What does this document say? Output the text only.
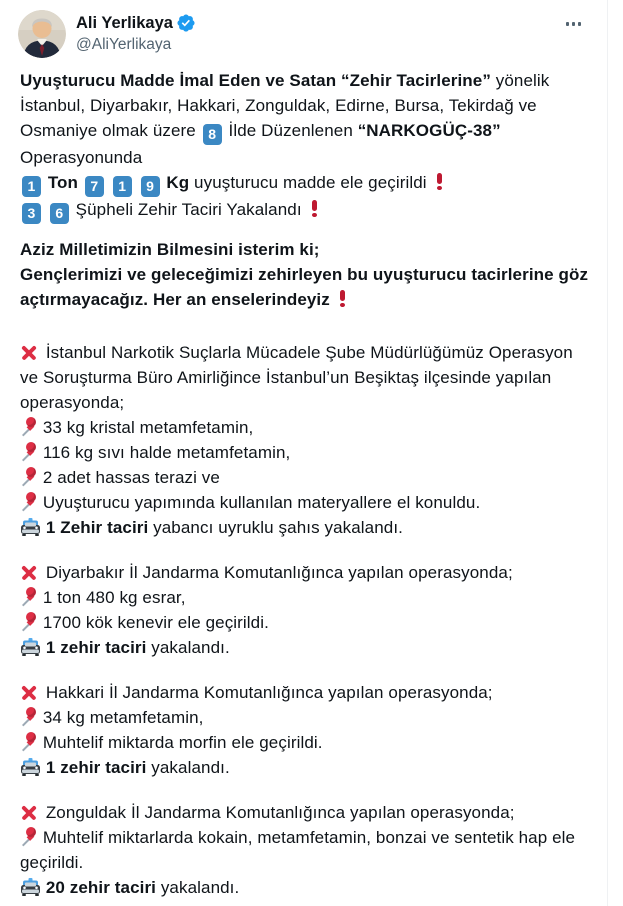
Ali Yerlikaya
@AliYerlikaya

Uyuşturucu Madde İmal Eden ve Satan “Zehir Tacirlerine” yönelik İstanbul, Diyarbakır, Hakkari, Zonguldak, Edirne, Bursa, Tekirdağ ve Osmaniye olmak üzere 8 İlde Düzenlenen “NARKOGÜÇ-38” Operasyonunda
1 Ton 7 1 9 Kg uyuşturucu madde ele geçirildi

3 6 Şüpheli Zehir Taciri Yakalandı

Aziz Milletimizin Bilmesini isterim ki;
Gençlerimizi ve geleceğimizi zehirleyen bu uyuşturucu tacirlerine göz açtırmayacağız. Her an enselerindeyiz

İstanbul Narkotik Suçlarla Mücadele Şube Müdürlüğümüz Operasyon ve Soruşturma Büro Amirliğince İstanbul’un Beşiktaş ilçesinde yapılan operasyonda;

33 kg kristal metamfetamin,

116 kg sıvı halde metamfetamin,

2 adet hassas terazi ve

Uyuşturucu yapımında kullanılan materyallere el konuldu.
1 Zehir taciri yabancı uyruklu şahıs yakalandı.

Diyarbakır İl Jandarma Komutanlığınca yapılan operasyonda;

1 ton 480 kg esrar,

1700 kök kenevir ele geçirildi.
1 zehir taciri yakalandı.

Hakkari İl Jandarma Komutanlığınca yapılan operasyonda;

34 kg metamfetamin,

Muhtelif miktarda morfin ele geçirildi.
1 zehir taciri yakalandı.

Zonguldak İl Jandarma Komutanlığınca yapılan operasyonda;

Muhtelif miktarlarda kokain, metamfetamin, bonzai ve sentetik hap ele geçirildi.
20 zehir taciri yakalandı.
